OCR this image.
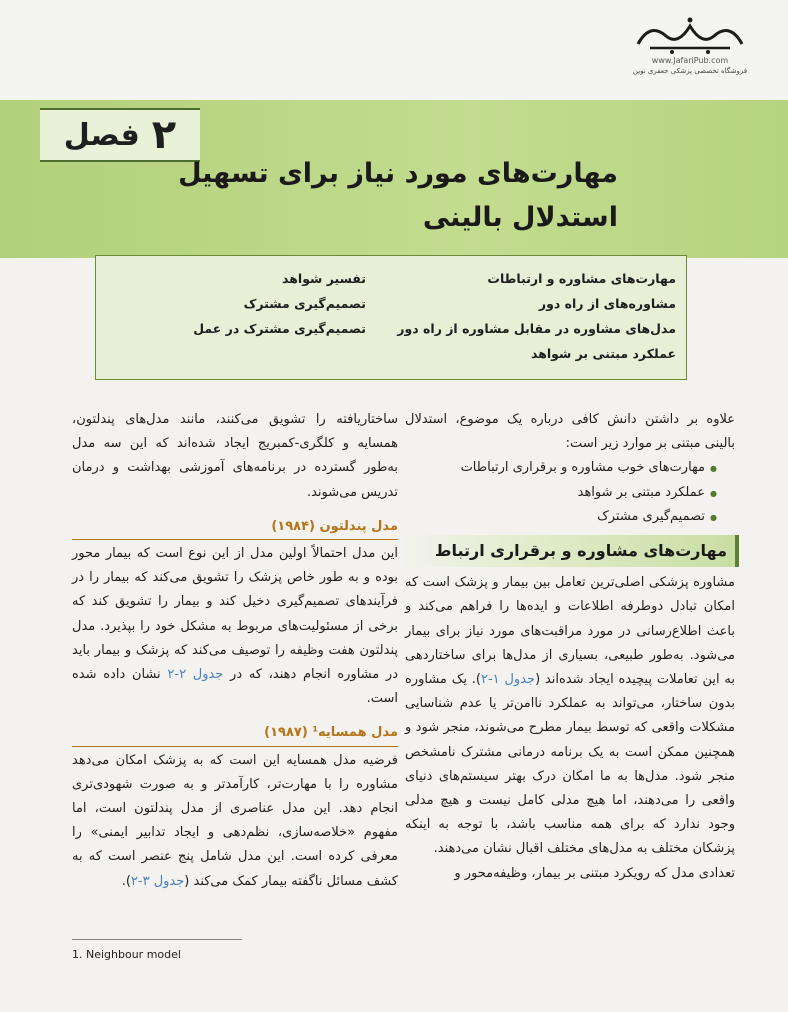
www.JafariPub.com
فروشگاه تخصصی پزشکی جعفری نوین
۲
فصل
مهارت‌های مورد نیاز برای تسهیل
استدلال بالینی
مهارت‌های مشاوره و ارتباطات
مشاوره‌های از راه دور
مدل‌های مشاوره در مقابل مشاوره از راه دور
عملکرد مبتنی بر شواهد
تفسیر شواهد
تصمیم‌گیری مشترک
تصمیم‌گیری مشترک در عمل

علاوه بر داشتن دانش کافی درباره یک موضوع، استدلال بالینی مبتنی بر موارد زیر است:

● مهارت‌های خوب مشاوره و برقراری ارتباطات
● عملکرد مبتنی بر شواهد
● تصمیم‌گیری مشترک
مهارت‌های مشاوره و برقراری ارتباط

مشاوره پزشکی اصلی‌ترین تعامل بین بیمار و پزشک است که امکان تبادل دوطرفه اطلاعات و ایده‌ها را فراهم می‌کند و باعث اطلاع‌رسانی در مورد مراقبت‌های مورد نیاز برای بیمار می‌شود. به‌طور طبیعی، بسیاری از مدل‌ها برای ساختاردهی به این تعاملات پیچیده ایجاد شده‌اند (جدول ۱-۲). یک مشاوره بدون ساختار، می‌تواند به عملکرد ناامن‌تر یا عدم شناسایی مشکلات واقعی که توسط بیمار مطرح می‌شوند، منجر شود و همچنین ممکن است به یک برنامه درمانی مشترک نامشخص منجر شود. مدل‌ها به ما امکان درک بهتر سیستم‌های دنیای واقعی را می‌دهند، اما هیچ مدلی کامل نیست و هیچ مدلی وجود ندارد که برای همه مناسب باشد، با توجه به اینکه پزشکان مختلف به مدل‌های مختلف اقبال نشان می‌دهند.

تعدادی مدل که رویکرد مبتنی بر بیمار، وظیفه‌محور و

ساختاریافته را تشویق می‌کنند، مانند مدل‌های پندلتون، همسایه و کلگری-کمبریج ایجاد شده‌اند که این سه مدل به‌طور گسترده در برنامه‌های آموزشی بهداشت و درمان تدریس می‌شوند.

مدل پندلتون (۱۹۸۴)

این مدل احتمالاً اولین مدل از این نوع است که بیمار محور بوده و به طور خاص پزشک را تشویق می‌کند که بیمار را در فرآیندهای تصمیم‌گیری دخیل کند و بیمار را تشویق کند که برخی از مسئولیت‌های مربوط به مشکل خود را بپذیرد. مدل پندلتون هفت وظیفه را توصیف می‌کند که پزشک و بیمار باید در مشاوره انجام دهند، که در جدول ۲-۲ نشان داده شده است.

مدل همسایه¹ (۱۹۸۷)

فرضیه مدل همسایه این است که به پزشک امکان می‌دهد مشاوره را با مهارت‌تر، کارآمدتر و به صورت شهودی‌تری انجام دهد. این مدل عناصری از مدل پندلتون است، اما مفهوم «خلاصه‌سازی، نظم‌دهی و ایجاد تدابیر ایمنی» را معرفی کرده است. این مدل شامل پنج عنصر است که به کشف مسائل ناگفته بیمار کمک می‌کند (جدول ۳-۲).

1. Neighbour model
